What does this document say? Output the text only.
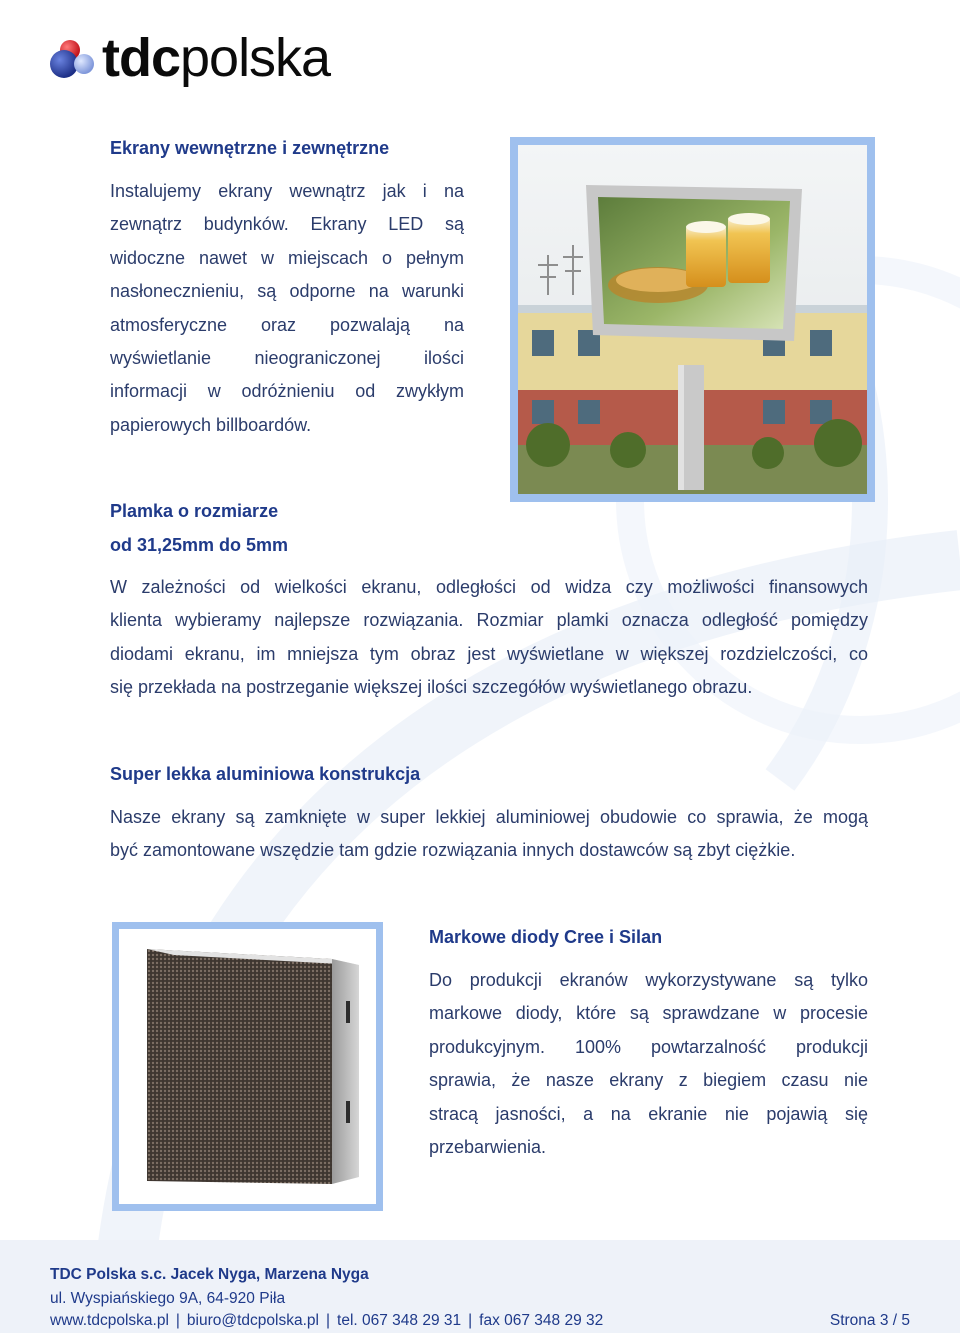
tdcpolska
Ekrany wewnętrzne i zewnętrzne
Instalujemy ekrany wewnątrz jak i na
zewnątrz budynków. Ekrany LED są
widoczne nawet w miejscach o pełnym
nasłonecznieniu, są odporne na warunki
atmosferyczne oraz pozwalają na
wyświetlanie nieograniczonej ilości
informacji w odróżnieniu od zwykłym
papierowych billboardów.
Plamka o rozmiarze
od 31,25mm do 5mm
W zależności od wielkości ekranu, odległości od widza czy możliwości finansowych
klienta wybieramy najlepsze rozwiązania. Rozmiar plamki oznacza odległość pomiędzy
diodami ekranu, im mniejsza tym obraz jest wyświetlane w większej rozdzielczości, co
się przekłada na postrzeganie większej ilości szczegółów wyświetlanego obrazu.
Super lekka aluminiowa konstrukcja
Nasze ekrany są zamknięte w super lekkiej aluminiowej obudowie co sprawia, że mogą
być zamontowane wszędzie tam gdzie rozwiązania innych dostawców są zbyt ciężkie.
Markowe diody Cree i Silan
Do produkcji ekranów wykorzystywane są tylko
markowe diody, które są sprawdzane w procesie
produkcyjnym. 100% powtarzalność produkcji
sprawia, że nasze ekrany z biegiem czasu nie
stracą jasności, a na ekranie nie pojawią się
przebarwienia.
TDC Polska s.c. Jacek Nyga, Marzena Nyga
ul. Wyspiańskiego 9A, 64-920 Piła
www.tdcpolska.pl | biuro@tdcpolska.pl | tel. 067 348 29 31 | fax 067 348 29 32	Strona 3 / 5
